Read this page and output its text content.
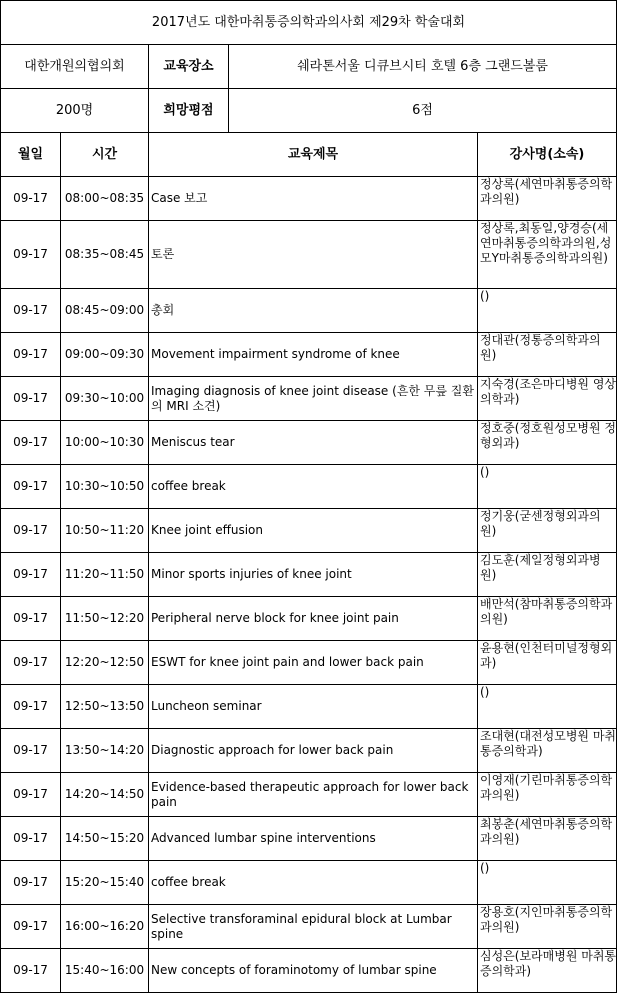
2017년도 대한마취통증의학과의사회 제29차 학술대회				
대한개원의협의회		교육장소	쉐라톤서울 디큐브시티 호텔 6층 그랜드볼룸	
200명		희망평점	6점	
월일	시간	교육제목		강사명(소속)
09-17	08:00~08:35	Case 보고		정상록(세연마취통증의학과의원)
09-17	08:35~08:45	토론		정상록,최동일,양경승(세연마취통증의학과의원,성모Y마취통증의학과의원)
09-17	08:45~09:00	총회		()
09-17	09:00~09:30	Movement impairment syndrome of knee		정대관(정통증의학과의원)
09-17	09:30~10:00	Imaging diagnosis of knee joint disease (흔한 무릎 질환의 MRI 소견)		지숙경(조은마디병원 영상의학과)
09-17	10:00~10:30	Meniscus tear		정호중(정호원성모병원 정형외과)
09-17	10:30~10:50	coffee break		()
09-17	10:50~11:20	Knee joint effusion		정기웅(굳센정형외과의원)
09-17	11:20~11:50	Minor sports injuries of knee joint		김도훈(제일정형외과병원)
09-17	11:50~12:20	Peripheral nerve block for knee joint pain		배만석(참마취통증의학과의원)
09-17	12:20~12:50	ESWT for knee joint pain and lower back pain		윤용현(인천터미널정형외과)
09-17	12:50~13:50	Luncheon seminar		()
09-17	13:50~14:20	Diagnostic approach for lower back pain		조대현(대전성모병원 마취통증의학과)
09-17	14:20~14:50	Evidence-based therapeutic approach for lower back pain		이영재(기린마취통증의학과의원)
09-17	14:50~15:20	Advanced lumbar spine interventions		최봉춘(세연마취통증의학과의원)
09-17	15:20~15:40	coffee break		()
09-17	16:00~16:20	Selective transforaminal epidural block at Lumbar spine		장용호(지인마취통증의학과의원)
09-17	15:40~16:00	New concepts of foraminotomy of lumbar spine		심성은(보라매병원 마취통증의학과)
